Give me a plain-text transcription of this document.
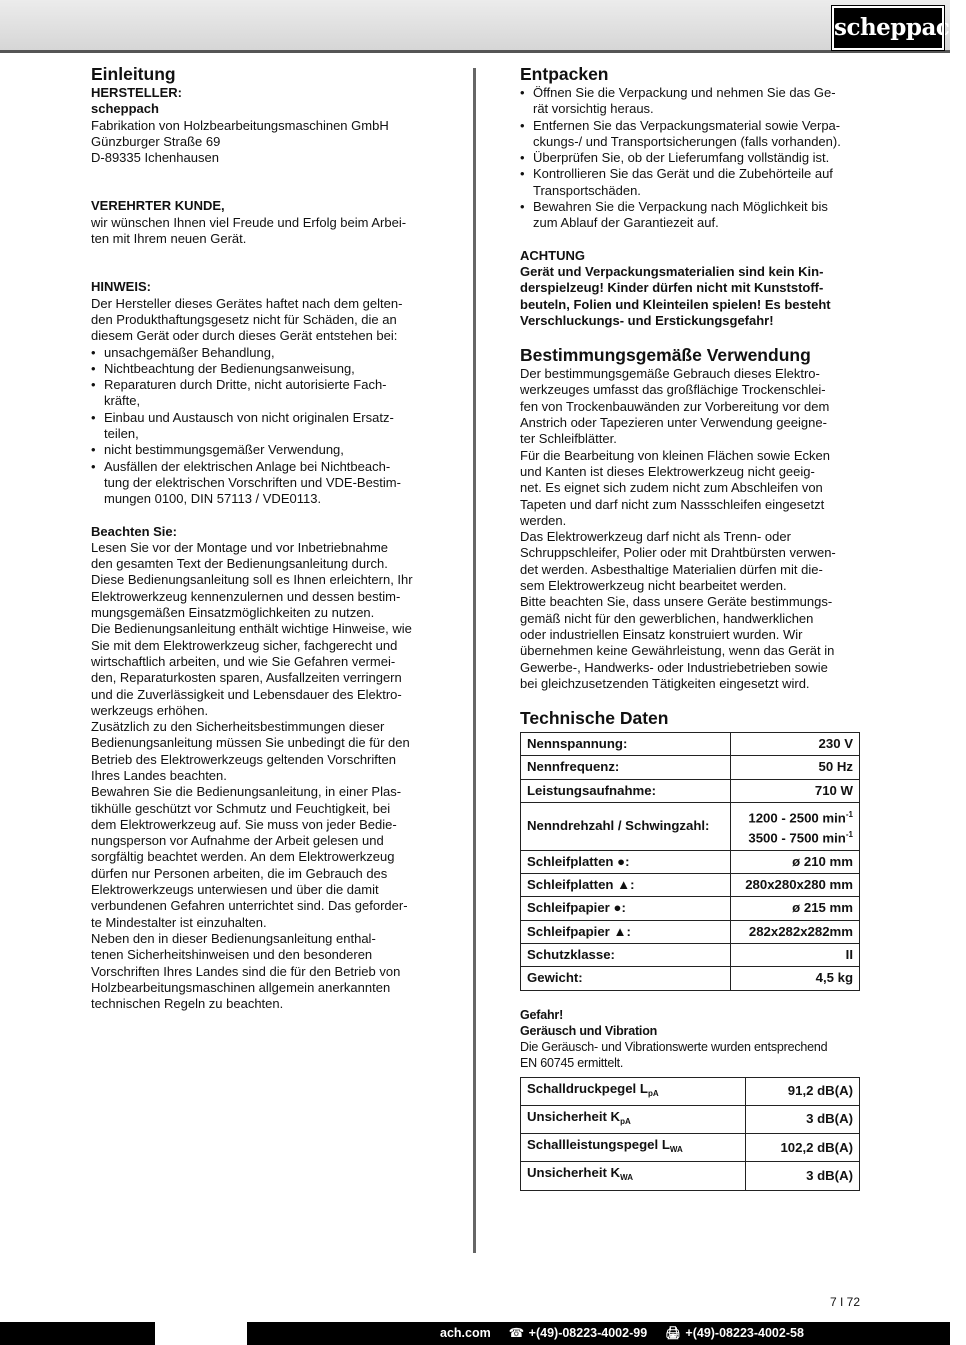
scheppach
Einleitung

HERSTELLER:

scheppach

Fabrikation von Holzbearbeitungsmaschinen GmbH

Günzburger Straße 69

D-89335 Ichenhausen

VEREHRTER KUNDE,

wir wünschen Ihnen viel Freude und Erfolg beim Arbei-

ten mit Ihrem neuen Gerät.

HINWEIS:

Der Hersteller dieses Gerätes haftet nach dem gelten-

den Produkthaftungsgesetz nicht für Schäden, die an

diesem Gerät oder durch dieses Gerät entstehen bei:

• unsachgemäßer Behandlung,
• Nichtbeachtung der Bedienungsanweisung,
• Reparaturen durch Dritte, nicht autorisierte Fach-
kräfte,
• Einbau und Austausch von nicht originalen Ersatz-
teilen,
• nicht bestimmungsgemäßer Verwendung,
• Ausfällen der elektrischen Anlage bei Nichtbeach-
tung der elektrischen Vorschriften und VDE-Bestim-
mungen 0100, DIN 57113 / VDE0113.

Beachten Sie:

Lesen Sie vor der Montage und vor Inbetriebnahme

den gesamten Text der Bedienungsanleitung durch.

Diese Bedienungsanleitung soll es Ihnen erleichtern, Ihr

Elektrowerkzeug kennenzulernen und dessen bestim-

mungsgemäßen Einsatzmöglichkeiten zu nutzen.

Die Bedienungsanleitung enthält wichtige Hinweise, wie

Sie mit dem Elektrowerkzeug sicher, fachgerecht und

wirtschaftlich arbeiten, und wie Sie Gefahren vermei-

den, Reparaturkosten sparen, Ausfallzeiten verringern

und die Zuverlässigkeit und Lebensdauer des Elektro-

werkzeugs erhöhen.

Zusätzlich zu den Sicherheitsbestimmungen dieser

Bedienungsanleitung müssen Sie unbedingt die für den

Betrieb des Elektrowerkzeugs geltenden Vorschriften

Ihres Landes beachten.

Bewahren Sie die Bedienungsanleitung, in einer Plas-

tikhülle geschützt vor Schmutz und Feuchtigkeit, bei

dem Elektrowerkzeug auf. Sie muss von jeder Bedie-

nungsperson vor Aufnahme der Arbeit gelesen und

sorgfältig beachtet werden. An dem Elektrowerkzeug

dürfen nur Personen arbeiten, die im Gebrauch des

Elektrowerkzeugs unterwiesen und über die damit

verbundenen Gefahren unterrichtet sind. Das geforder-

te Mindestalter ist einzuhalten.

Neben den in dieser Bedienungsanleitung enthal-

tenen Sicherheitshinweisen und den besonderen

Vorschriften Ihres Landes sind die für den Betrieb von

Holzbearbeitungsmaschinen allgemein anerkannten

technischen Regeln zu beachten.

Entpacken
• Öffnen Sie die Verpackung und nehmen Sie das Ge-
rät vorsichtig heraus.
• Entfernen Sie das Verpackungsmaterial sowie Verpa-
ckungs-/ und Transportsicherungen (falls vorhanden).
• Überprüfen Sie, ob der Lieferumfang vollständig ist.
• Kontrollieren Sie das Gerät und die Zubehörteile auf
Transportschäden.
• Bewahren Sie die Verpackung nach Möglichkeit bis
zum Ablauf der Garantiezeit auf.

ACHTUNG

Gerät und Verpackungsmaterialien sind kein Kin-

derspielzeug! Kinder dürfen nicht mit Kunststoff-

beuteln, Folien und Kleinteilen spielen! Es besteht

Verschluckungs- und Erstickungsgefahr!

Bestimmungsgemäße Verwendung

Der bestimmungsgemäße Gebrauch dieses Elektro-

werkzeuges umfasst das großflächige Trockenschlei-

fen von Trockenbauwänden zur Vorbereitung vor dem

Anstrich oder Tapezieren unter Verwendung geeigne-

ter Schleifblätter.

Für die Bearbeitung von kleinen Flächen sowie Ecken

und Kanten ist dieses Elektrowerkzeug nicht geeig-

net. Es eignet sich zudem nicht zum Abschleifen von

Tapeten und darf nicht zum Nassschleifen eingesetzt

werden.

Das Elektrowerkzeug darf nicht als Trenn- oder

Schruppschleifer, Polier oder mit Drahtbürsten verwen-

det werden. Asbesthaltige Materialien dürfen mit die-

sem Elektrowerkzeug nicht bearbeitet werden.

Bitte beachten Sie, dass unsere Geräte bestimmungs-

gemäß nicht für den gewerblichen, handwerklichen

oder industriellen Einsatz konstruiert wurden. Wir

übernehmen keine Gewährleistung, wenn das Gerät in

Gewerbe-, Handwerks- oder Industriebetrieben sowie

bei gleichzusetzenden Tätigkeiten eingesetzt wird.

Technische Daten
Nennspannung:	230 V
Nennfrequenz:	50 Hz
Leistungsaufnahme:	710 W
Nenndrehzahl / Schwingzahl:	1200 - 2500 $\min^{-1}$
3500 - 7500 $\min^{-1}$

Schleifplatten ●:	ø 210 mm
Schleifplatten ▲:	280x280x280 mm
Schleifpapier ●:	ø 215 mm
Schleifpapier ▲:	282x282x282mm
Schutzklasse:	II
Gewicht:	4,5 kg

Gefahr!

Geräusch und Vibration

Die Geräusch- und Vibrationswerte wurden entsprechend

EN 60745 ermittelt.

Schalldruckpegel $L_{pA}$	91,2 dB(A)
Unsicherheit $K_{pA}$	3 dB(A)
Schallleistungspegel $L_{WA}$	102,2 dB(A)
Unsicherheit $K_{WA}$	3 dB(A)
7 I 72
ach.com ☎ +(49)-08223-4002-99 🖨 +(49)-08223-4002-58
